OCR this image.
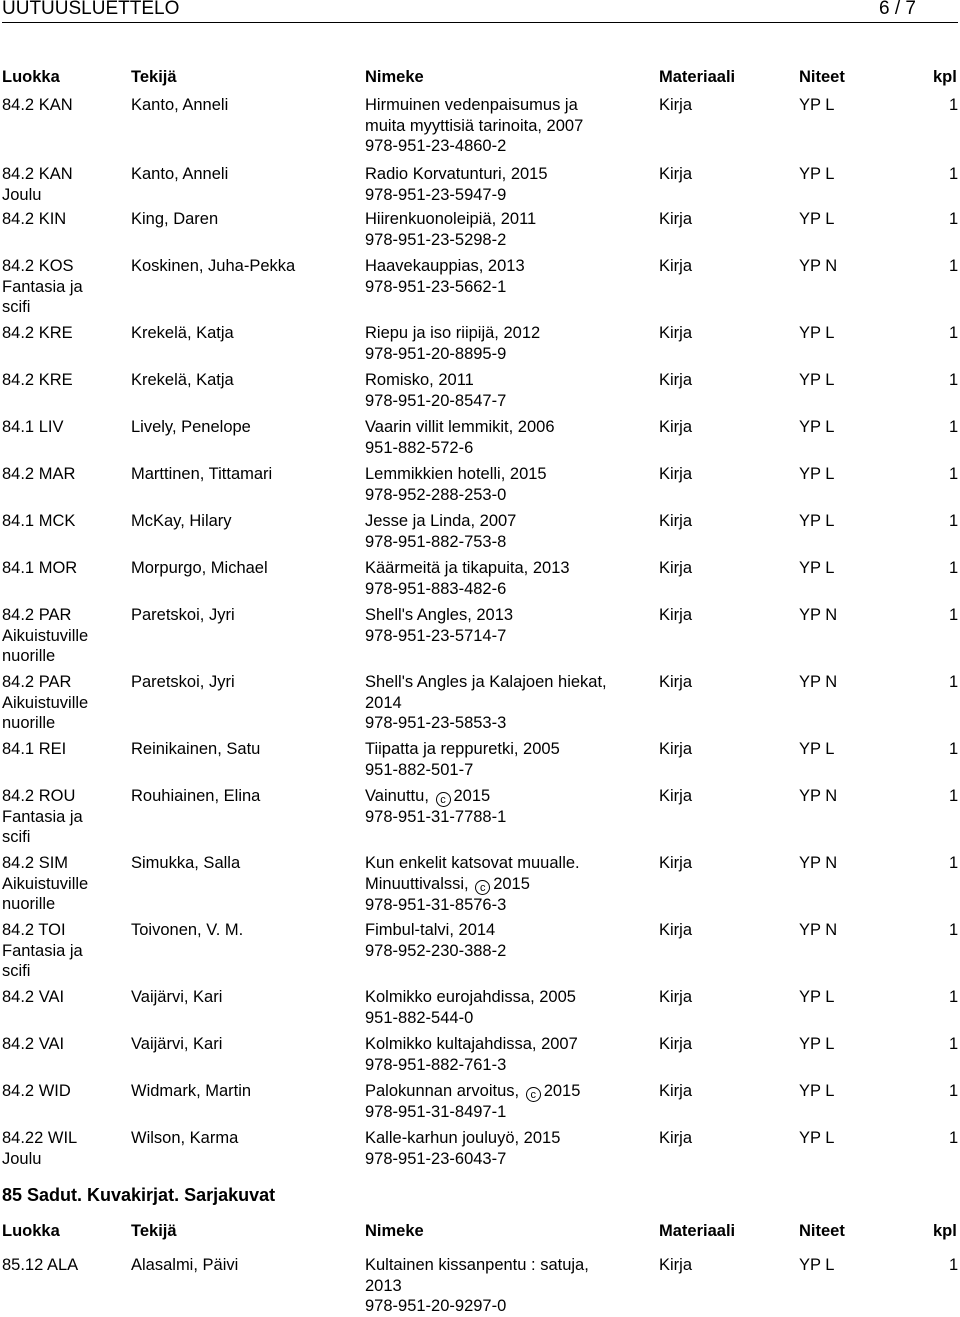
UUTUUSLUETTELO	6 / 7
Luokka	Tekijä	Nimeke	Materiaali	Niteet	kpl
84.2 KAN	Kanto, Anneli	Hirmuinen vedenpaisumus ja
muita myyttisiä tarinoita, 2007
978-951-23-4860-2
Kirja	YP L	1
84.2 KAN
Joulu
Kanto, Anneli	Radio Korvatunturi, 2015
978-951-23-5947-9
Kirja	YP L	1
84.2 KIN	King, Daren	Hiirenkuonoleipiä, 2011
978-951-23-5298-2
Kirja	YP L	1
84.2 KOS
Fantasia ja
scifi
Koskinen, Juha-Pekka	Haavekauppias, 2013
978-951-23-5662-1
Kirja	YP N	1
84.2 KRE	Krekelä, Katja	Riepu ja iso riipijä, 2012
978-951-20-8895-9
Kirja	YP L	1
84.2 KRE	Krekelä, Katja	Romisko, 2011
978-951-20-8547-7
Kirja	YP L	1
84.1 LIV	Lively, Penelope	Vaarin villit lemmikit, 2006
951-882-572-6
Kirja	YP L	1
84.2 MAR	Marttinen, Tittamari	Lemmikkien hotelli, 2015
978-952-288-253-0
Kirja	YP L	1
84.1 MCK	McKay, Hilary	Jesse ja Linda, 2007
978-951-882-753-8
Kirja	YP L	1
84.1 MOR	Morpurgo, Michael	Käärmeitä ja tikapuita, 2013
978-951-883-482-6
Kirja	YP L	1
84.2 PAR
Aikuistuville
nuorille
Paretskoi, Jyri	Shell's Angles, 2013
978-951-23-5714-7
Kirja	YP N	1
84.2 PAR
Aikuistuville
nuorille
Paretskoi, Jyri	Shell's Angles ja Kalajoen hiekat,
2014
978-951-23-5853-3
Kirja	YP N	1
84.1 REI	Reinikainen, Satu	Tiipatta ja reppuretki, 2005
951-882-501-7
Kirja	YP L	1
84.2 ROU
Fantasia ja
scifi
Rouhiainen, Elina	Vainuttu, c 2015
978-951-31-7788-1
Kirja	YP N	1
84.2 SIM
Aikuistuville
nuorille
Simukka, Salla	Kun enkelit katsovat muualle.
Minuuttivalssi, c 2015
978-951-31-8576-3
Kirja	YP N	1
84.2 TOI
Fantasia ja
scifi
Toivonen, V. M.	Fimbul-talvi, 2014
978-952-230-388-2
Kirja	YP N	1
84.2 VAI	Vaijärvi, Kari	Kolmikko eurojahdissa, 2005
951-882-544-0
Kirja	YP L	1
84.2 VAI	Vaijärvi, Kari	Kolmikko kultajahdissa, 2007
978-951-882-761-3
Kirja	YP L	1
84.2 WID	Widmark, Martin	Palokunnan arvoitus, c 2015
978-951-31-8497-1
Kirja	YP L	1
84.22 WIL
Joulu
Wilson, Karma	Kalle-karhun jouluyö, 2015
978-951-23-6043-7
Kirja	YP L	1
85 Sadut. Kuvakirjat. Sarjakuvat
Luokka	Tekijä	Nimeke	Materiaali	Niteet	kpl
85.12 ALA	Alasalmi, Päivi	Kultainen kissanpentu : satuja,
2013
978-951-20-9297-0
Kirja	YP L	1
